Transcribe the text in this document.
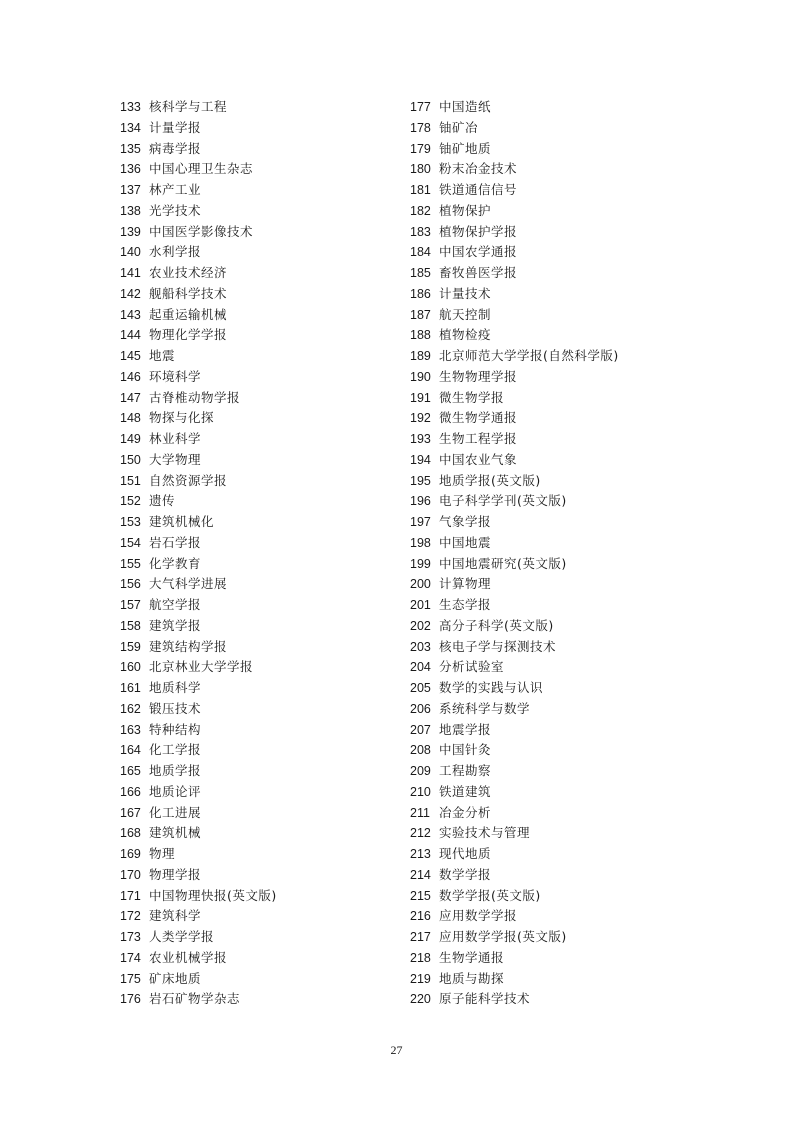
133 核科学与工程
134 计量学报
135 病毒学报
136 中国心理卫生杂志
137 林产工业
138 光学技术
139 中国医学影像技术
140 水利学报
141 农业技术经济
142 舰船科学技术
143 起重运输机械
144 物理化学学报
145 地震
146 环境科学
147 古脊椎动物学报
148 物探与化探
149 林业科学
150 大学物理
151 自然资源学报
152 遗传
153 建筑机械化
154 岩石学报
155 化学教育
156 大气科学进展
157 航空学报
158 建筑学报
159 建筑结构学报
160 北京林业大学学报
161 地质科学
162 锻压技术
163 特种结构
164 化工学报
165 地质学报
166 地质论评
167 化工进展
168 建筑机械
169 物理
170 物理学报
171 中国物理快报(英文版)
172 建筑科学
173 人类学学报
174 农业机械学报
175 矿床地质
176 岩石矿物学杂志
177 中国造纸
178 铀矿冶
179 铀矿地质
180 粉末冶金技术
181 铁道通信信号
182 植物保护
183 植物保护学报
184 中国农学通报
185 畜牧兽医学报
186 计量技术
187 航天控制
188 植物检疫
189 北京师范大学学报(自然科学版)
190 生物物理学报
191 微生物学报
192 微生物学通报
193 生物工程学报
194 中国农业气象
195 地质学报(英文版)
196 电子科学学刊(英文版)
197 气象学报
198 中国地震
199 中国地震研究(英文版)
200 计算物理
201 生态学报
202 高分子科学(英文版)
203 核电子学与探测技术
204 分析试验室
205 数学的实践与认识
206 系统科学与数学
207 地震学报
208 中国针灸
209 工程勘察
210 铁道建筑
211 冶金分析
212 实验技术与管理
213 现代地质
214 数学学报
215 数学学报(英文版)
216 应用数学学报
217 应用数学学报(英文版)
218 生物学通报
219 地质与勘探
220 原子能科学技术
27
